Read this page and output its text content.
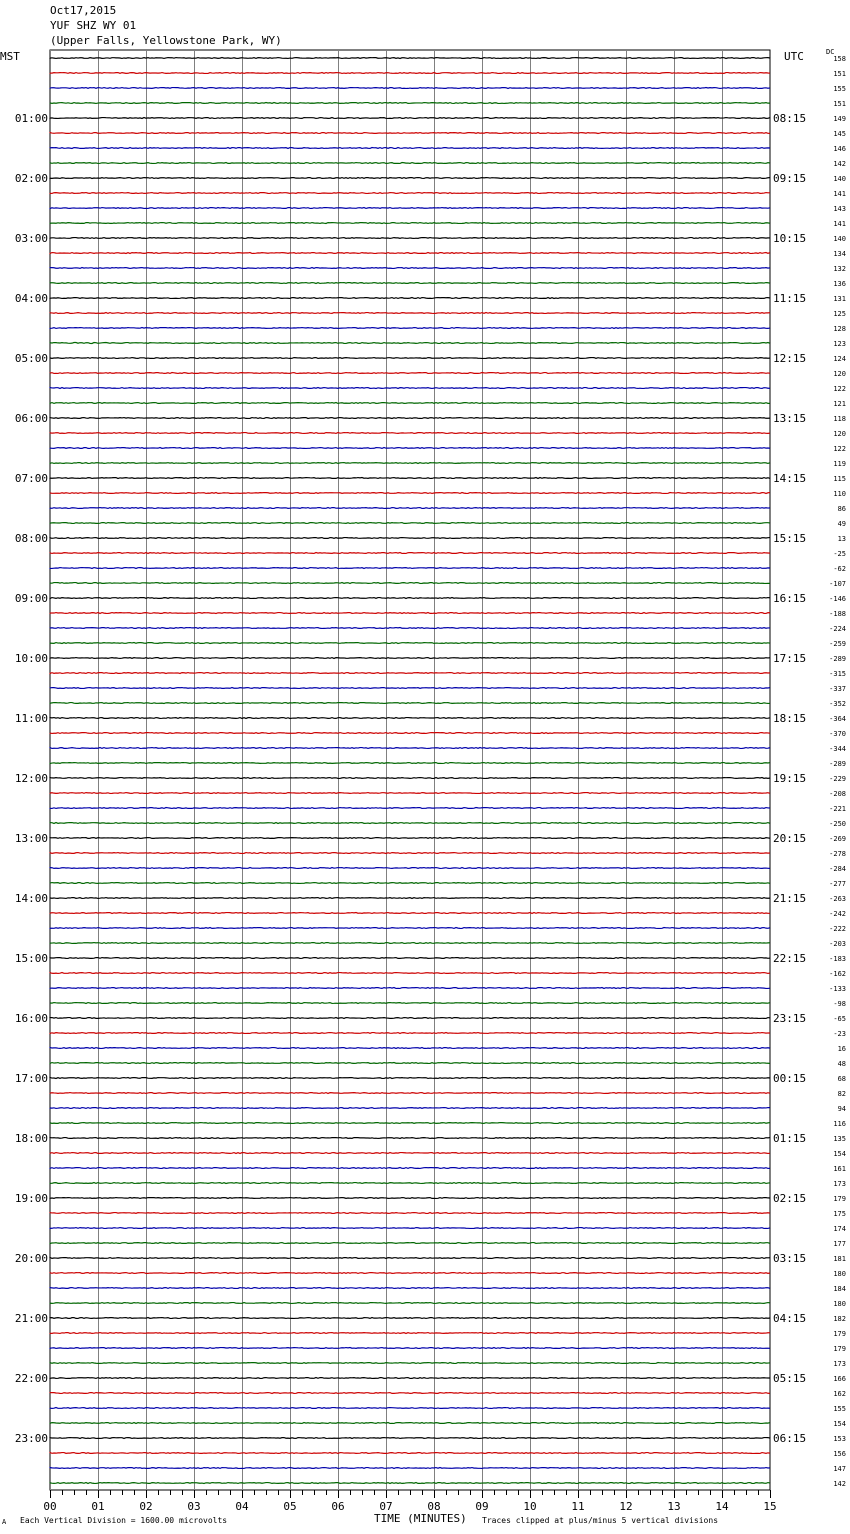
Oct17,2015
YUF SHZ WY 01
(Upper Falls, Yellowstone Park, WY)
MST	UTC	DC
158
151
155
151
149
01:00	08:15
145
146
142
140
02:00	09:15
141
143
141
140
03:00	10:15
134
132
136
131
04:00	11:15
125
128
123
124
05:00	12:15
120
122
121
118
06:00	13:15
120
122
119
115
07:00	14:15
110
86
49
13
08:00	15:15
-25
-62
-107
-146
09:00	16:15
-188
-224
-259
-289
10:00	17:15
-315
-337
-352
-364
11:00	18:15
-370
-344
-289
-229
12:00	19:15
-208
-221
-250
-269
13:00	20:15
-278
-284
-277
-263
14:00	21:15
-242
-222
-203
-183
15:00	22:15
-162
-133
-98
-65
16:00	23:15
-23
16
48
68
17:00	00:15
82
94
116
135
18:00	01:15
154
161
173
179
19:00	02:15
175
174
177
181
20:00	03:15
180
184
180
182
21:00	04:15
179
179
173
166
22:00	05:15
162
155
154
153
23:00	06:15
156
147
142
00	01	02	03	04	05	06	07	08	09	10	11	12	13	14	15
A Each Vertical Division = 1600.00 microvolts	TIME (MINUTES) Traces clipped at plus/minus 5 vertical divisions
